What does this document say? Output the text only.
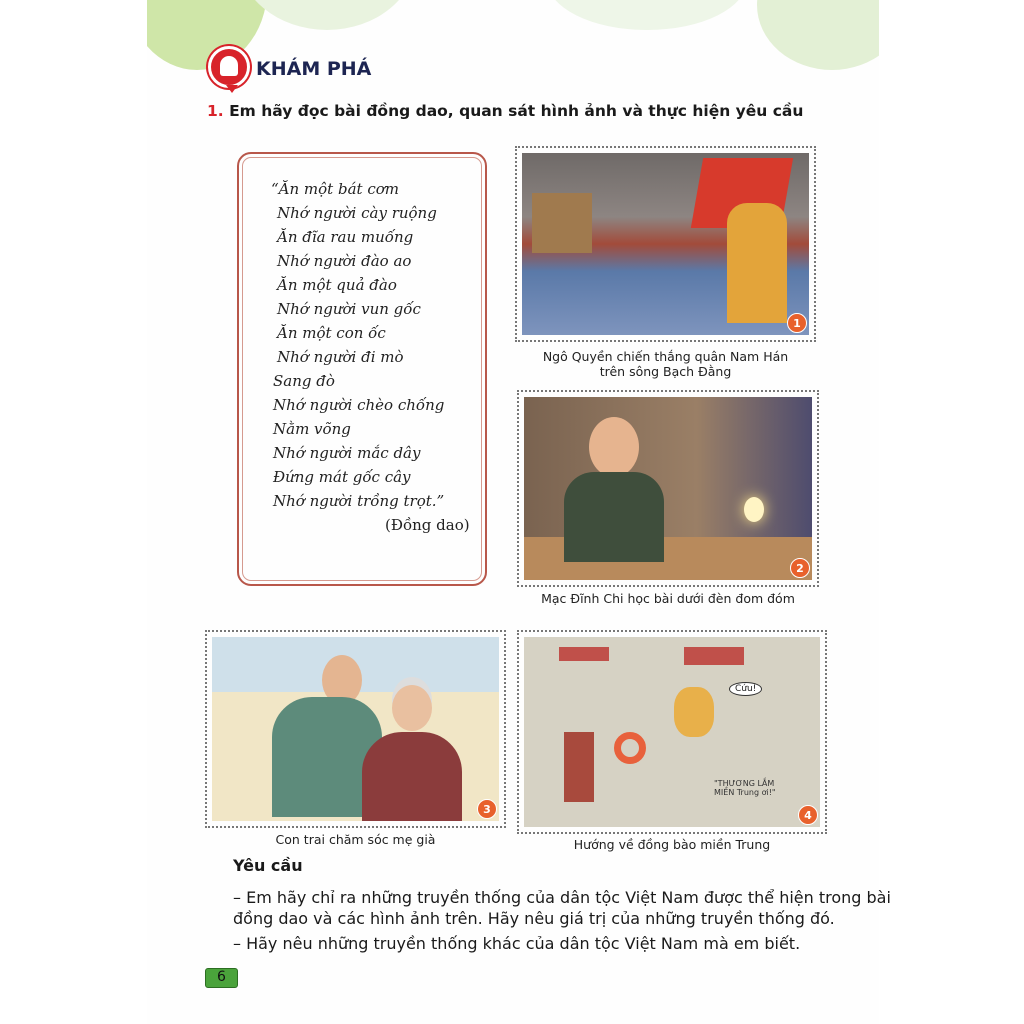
KHÁM PHÁ
1. Em hãy đọc bài đồng dao, quan sát hình ảnh và thực hiện yêu cầu
“Ăn một bát cơm
Nhớ người cày ruộng
Ăn đĩa rau muống
Nhớ người đào ao
Ăn một quả đào
Nhớ người vun gốc
Ăn một con ốc
Nhớ người đi mò
Sang đò
Nhớ người chèo chống
Nằm võng
Nhớ người mắc dây
Đứng mát gốc cây
Nhớ người trồng trọt.”
(Đồng dao)
1
Ngô Quyền chiến thắng quân Nam Hán
trên sông Bạch Đằng
2
Mạc Đĩnh Chi học bài dưới đèn đom đóm
3
Con trai chăm sóc mẹ già
Cứu!
"THƯƠNG LẮM MIỀN Trung ơi!"
4
Hướng về đồng bào miền Trung
Yêu cầu
– Em hãy chỉ ra những truyền thống của dân tộc Việt Nam được thể hiện trong bài
đồng dao và các hình ảnh trên. Hãy nêu giá trị của những truyền thống đó.
– Hãy nêu những truyền thống khác của dân tộc Việt Nam mà em biết.
6
